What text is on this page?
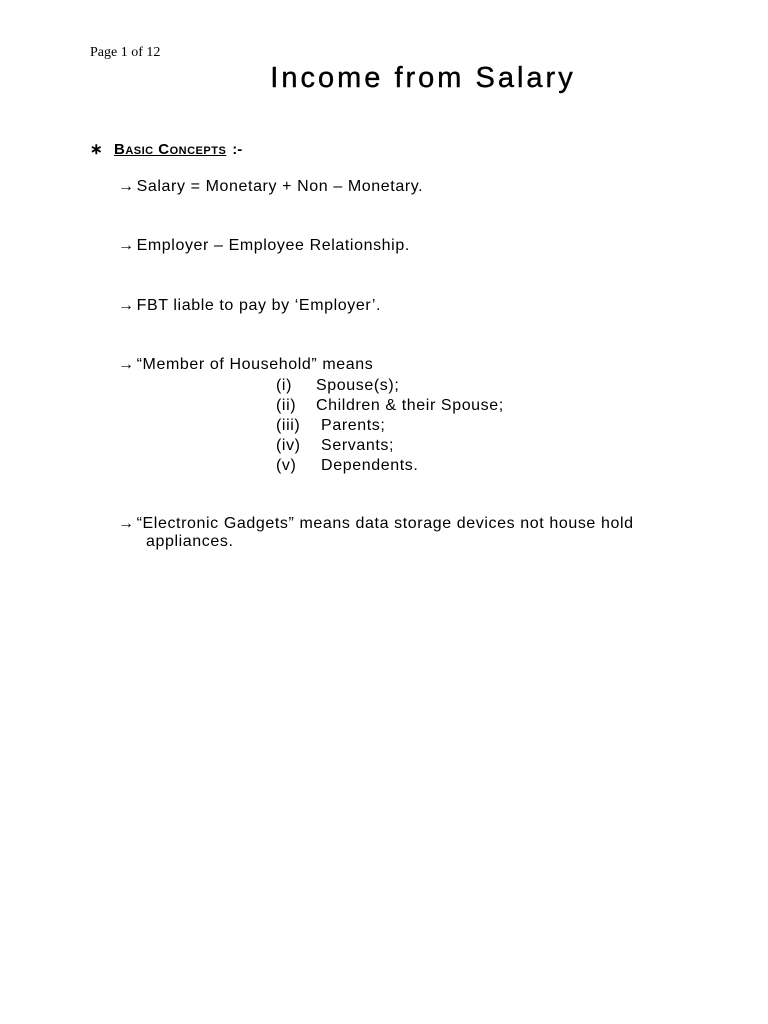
Page 1 of 12
Income from Salary
∗ Basic Concepts :-
→ Salary = Monetary + Non – Monetary.
→ Employer – Employee Relationship.
→ FBT liable to pay by ‘Employer’.
→ “Member of Household” means
(i)	Spouse(s);
(ii)	Children & their Spouse;
(iii) Parents;
(iv) Servants;
(v)	Dependents.
→ “Electronic Gadgets” means data storage devices not house hold
appliances.
